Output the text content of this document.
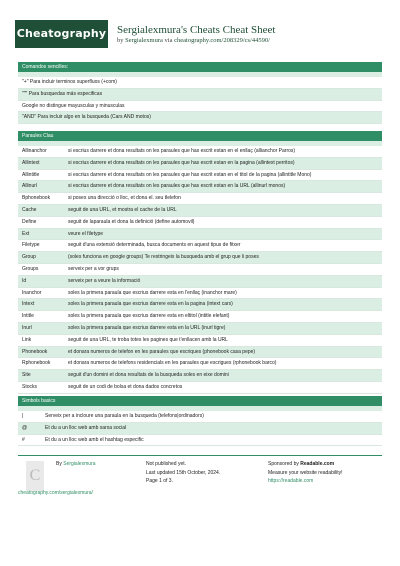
Cheatography Sergialexmura's Cheats Cheat Sheet
by Sergialexmura via cheatography.com/208329/cs/44590/
Comandos sencilles:
"+" Para incluir terminos superfluos (+com)
""" Para busquedas más especificas
Google no distingue mayusculas y minusculas
"AND" Para incluir algo en la busqueda (Cars AND motos)
Paraules Clau
Allinanchor	si escrius darrere et dona resultats on les paraules que has escrit estan en el enllaç (allianchor Parros)
Allintext	si escrius darrere et dona resultats on les paraules que has escrit estan en la pagina (allintext perritos)
Allintitle	si escrius darrere et dona resultats on les paraules que has escrit estan en el titol de la pagina (allintitle Mono)
Allinurl	si escrius darrere et dona resultats on les paraules que has escrit estan en la URL (allinurl monos)
Bphonebook	si poses una direcció o lloc, et dona el. seu tlelefon
Cache	seguit de una URL, et mostra el cache de la URL
Define	seguit de laparaula et dona la definició (define automovil)
Ext	veure el filetype
Filetype	seguit d'una extensió determinada, busca documents en aquest tipus de fitxer
Group	(soles funciona en google groups) Te restringeix la busqueda amb el grup que li poses
Groups	serveix per a vor grups
Id	serveix per a veure la informació
Inanchor	soles la primera paraula que escrius darrere esta en l'enllaç (inanchor mare)
Intext	soles la primera paraula que escrius darrere esta en la pagina (intext cars)
Intitle	soles la primera paraula que escrius darrere esta en eltitol (intitle elefant)
Inurl	soles la primera paraula que escrius darrere esta en la URL (inurl tigre)
Link	seguit de una URL, te troba totes les pagines que t'enllacen amb la URL
Phonebook	et donara numeros de telefon en les paraules que escriques (phonebook casa pepe)
Rphonebook	et donara numeros de telefons residencials en les paraules que escrigues (rphonebook barco)
Site	seguit d'un domini et dona resultats de la busqueda soles en eixe domini
Stocks	seguit de un codi de bolsa et dona dados concretos
Simbols basics
|	Serveix per a incloure una paraula en la busqueda (telefons|ordinadors)
@	Et du a un lloc web amb xarxa social
#	Et du a un lloc web amb el hashtag especific
C
By Sergialexmura	Not published yet.
Last updated 15th October, 2024.
Page 1 of 3.
Sponsored by Readable.com
Measure your website readability!
https://readable.com
cheatography.com/sergialexmura/
